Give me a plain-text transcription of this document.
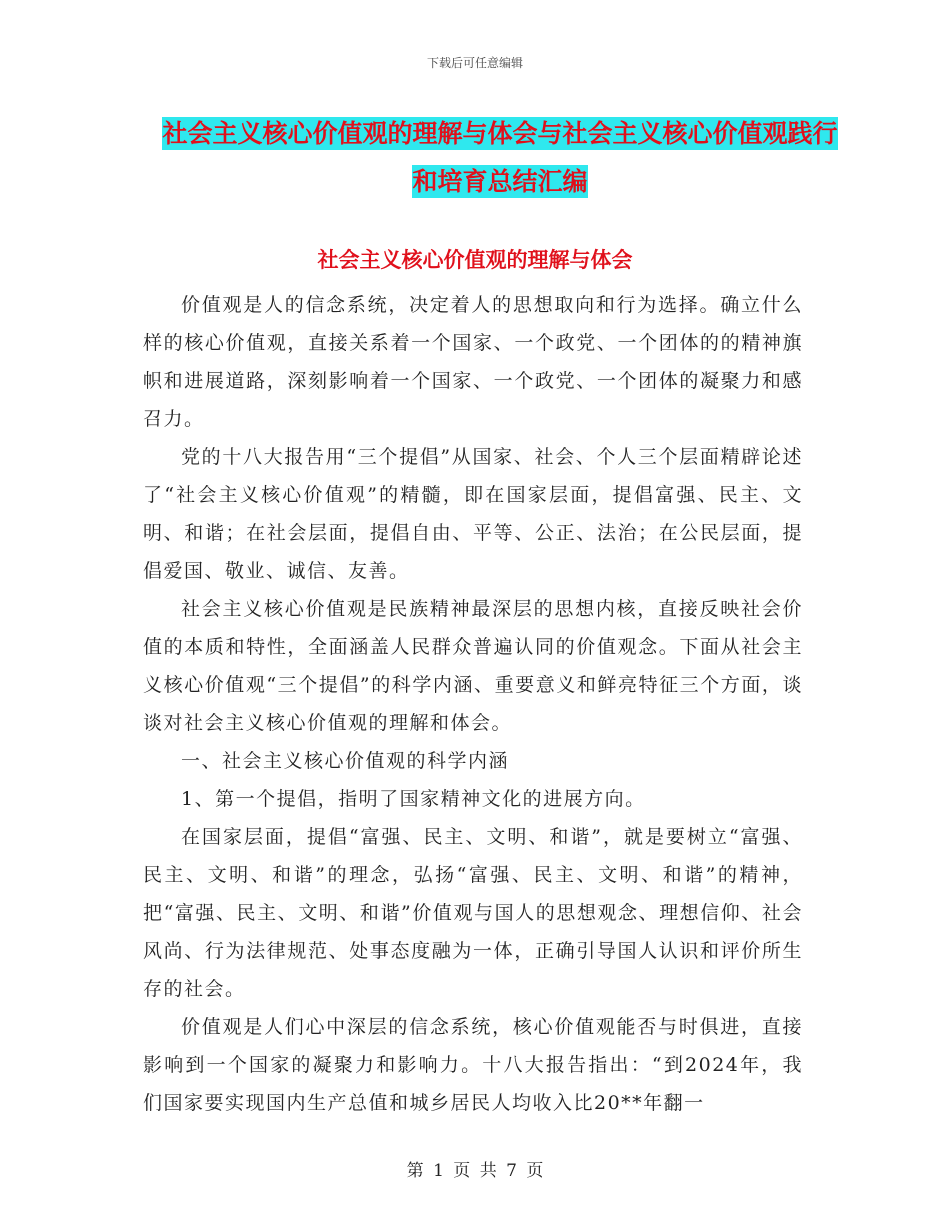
下载后可任意编辑
社会主义核心价值观的理解与体会与社会主义核心价值观践行和培育总结汇编
社会主义核心价值观的理解与体会

价值观是人的信念系统，决定着人的思想取向和行为选择。确立什么样的核心价值观，直接关系着一个国家、一个政党、一个团体的的精神旗帜和进展道路，深刻影响着一个国家、一个政党、一个团体的凝聚力和感召力。

党的十八大报告用“三个提倡”从国家、社会、个人三个层面精辟论述了“社会主义核心价值观”的精髓，即在国家层面，提倡富强、民主、文明、和谐；在社会层面，提倡自由、平等、公正、法治；在公民层面，提倡爱国、敬业、诚信、友善。

社会主义核心价值观是民族精神最深层的思想内核，直接反映社会价值的本质和特性，全面涵盖人民群众普遍认同的价值观念。下面从社会主义核心价值观“三个提倡”的科学内涵、重要意义和鲜亮特征三个方面，谈谈对社会主义核心价值观的理解和体会。

一、社会主义核心价值观的科学内涵

1、第一个提倡，指明了国家精神文化的进展方向。

在国家层面，提倡“富强、民主、文明、和谐”，就是要树立“富强、民主、文明、和谐”的理念，弘扬“富强、民主、文明、和谐”的精神，把“富强、民主、文明、和谐”价值观与国人的思想观念、理想信仰、社会风尚、行为法律规范、处事态度融为一体，正确引导国人认识和评价所生存的社会。

价值观是人们心中深层的信念系统，核心价值观能否与时俱进，直接影响到一个国家的凝聚力和影响力。十八大报告指出：“到2024年，我们国家要实现国内生产总值和城乡居民人均收入比20**年翻一

第 1 页 共 7 页
